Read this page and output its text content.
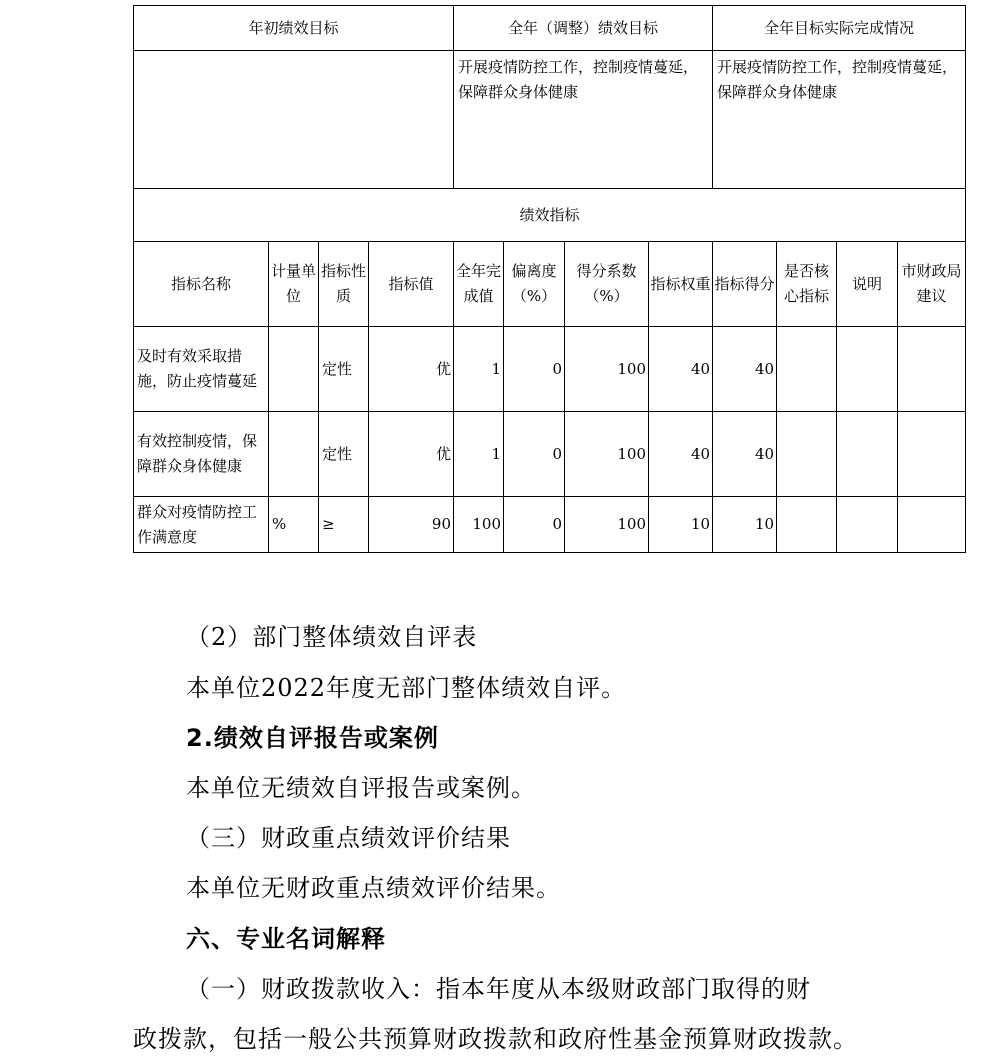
年初绩效目标				全年（调整）绩效目标				全年目标实际完成情况			
				开展疫情防控工作，控制疫情蔓延，保障群众身体健康				开展疫情防控工作，控制疫情蔓延，保障群众身体健康			
绩效指标											
指标名称	计量单位	指标性质	指标值	全年完成值	偏离度（%）	得分系数（%）	指标权重	指标得分	是否核心指标	说明	市财政局建议
及时有效采取措施，防止疫情蔓延		定性	优	1	0	100	40	40			
有效控制疫情，保障群众身体健康		定性	优	1	0	100	40	40			
群众对疫情防控工作满意度	%	≥	90	100	0	100	10	10			
（2）部门整体绩效自评表
本单位2022年度无部门整体绩效自评。
2.绩效自评报告或案例
本单位无绩效自评报告或案例。
（三）财政重点绩效评价结果
本单位无财政重点绩效评价结果。
六、专业名词解释
（一）财政拨款收入：指本年度从本级财政部门取得的财
政拨款，包括一般公共预算财政拨款和政府性基金预算财政拨款。
